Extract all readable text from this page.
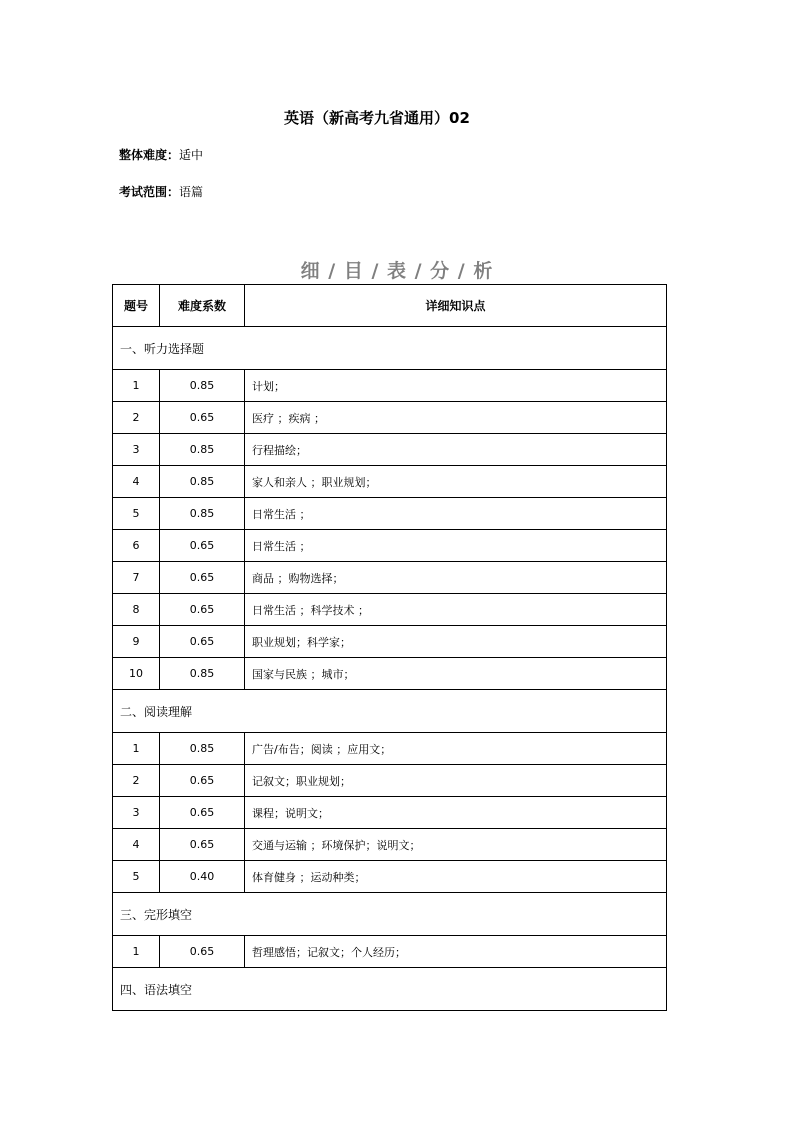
英语（新高考九省通用）02
整体难度：适中
考试范围：语篇
细 / 目 / 表 / 分 / 析
题号	难度系数	详细知识点
一、听力选择题		
1	0.85	计划；
2	0.65	医疗 ；疾病 ；
3	0.85	行程描绘；
4	0.85	家人和亲人 ；职业规划；
5	0.85	日常生活 ；
6	0.65	日常生活 ；
7	0.65	商品 ；购物选择；
8	0.65	日常生活 ；科学技术 ；
9	0.65	职业规划；科学家；
10	0.85	国家与民族 ；城市；
二、阅读理解		
1	0.85	广告/布告；阅读 ；应用文；
2	0.65	记叙文；职业规划；
3	0.65	课程；说明文；
4	0.65	交通与运输 ；环境保护；说明文；
5	0.40	体育健身 ；运动种类；
三、完形填空		
1	0.65	哲理感悟；记叙文；个人经历；
四、语法填空		
